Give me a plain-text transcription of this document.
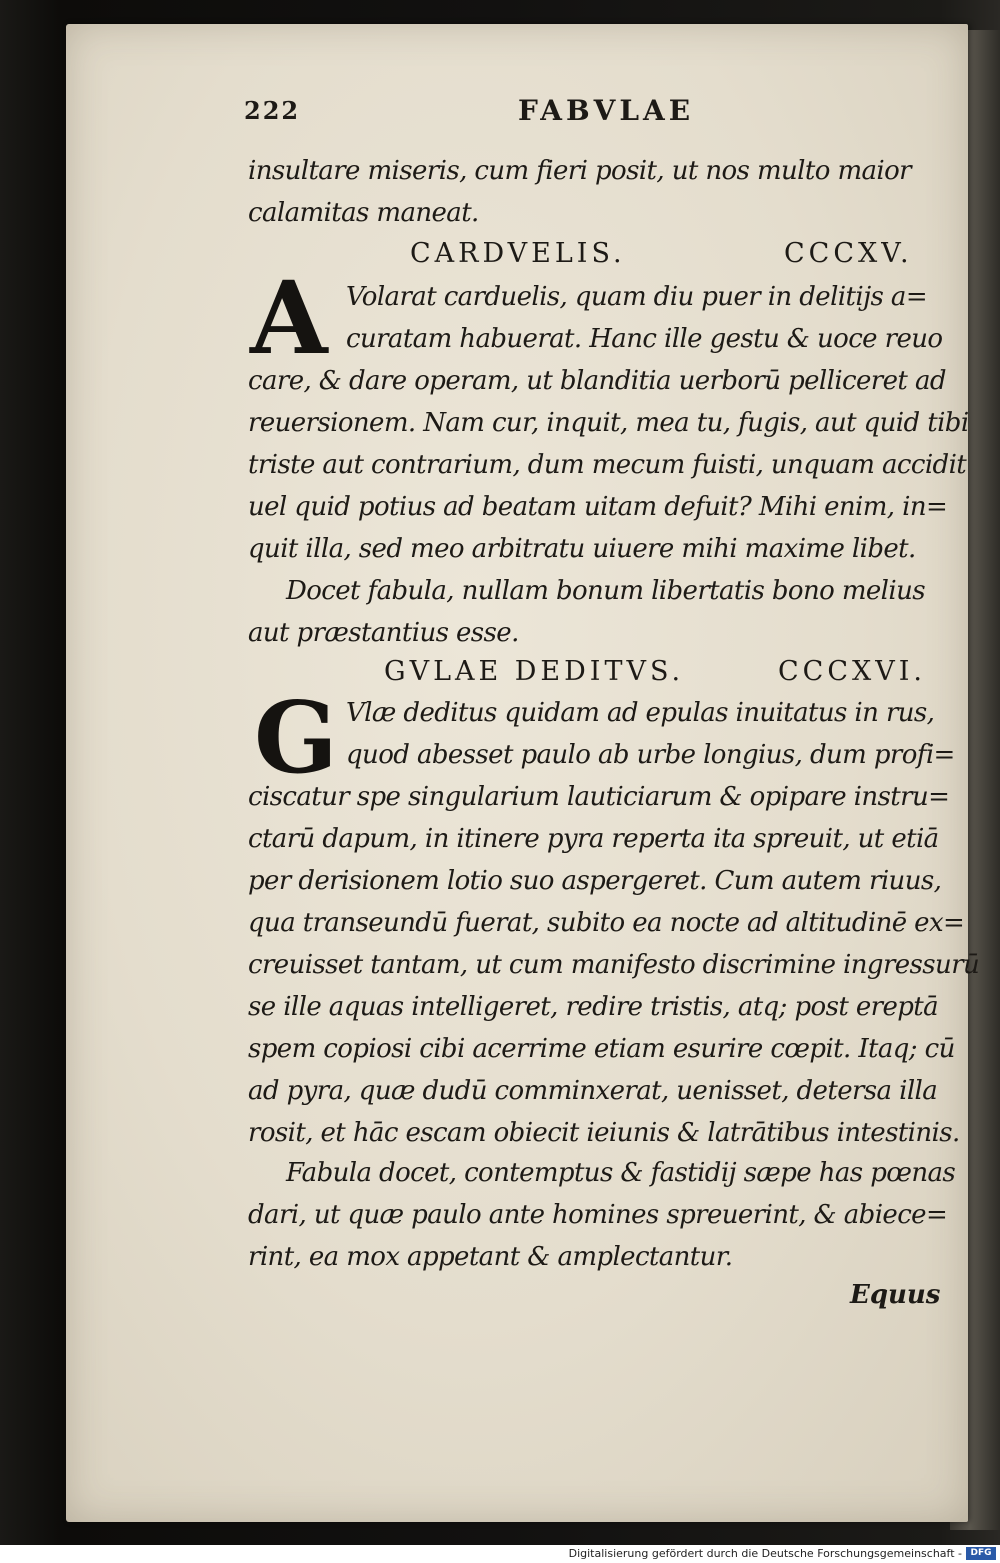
222	FABVLAE
insultare miseris, cum fieri posit, ut nos multo maior
calamitas maneat.
CARDVELIS.	CCCXV.
A Volarat carduelis, quam diu puer in delitijs a=
curatam habuerat. Hanc ille gestu & uoce reuo
care, & dare operam, ut blanditia uerborū pelliceret ad
reuersionem. Nam cur, inquit, mea tu, fugis, aut quid tibi
triste aut contrarium, dum mecum fuisti, unquam accidit
uel quid potius ad beatam uitam defuit? Mihi enim, in=
quit illa, sed meo arbitratu uiuere mihi maxime libet.
Docet fabula, nullam bonum libertatis bono melius
aut præstantius esse.
GVLAE DEDITVS.	CCCXVI.
G Vlæ deditus quidam ad epulas inuitatus in rus,
quod abesset paulo ab urbe longius, dum profi=
ciscatur spe singularium lauticiarum & opipare instru=
ctarū dapum, in itinere pyra reperta ita spreuit, ut etiā
per derisionem lotio suo aspergeret. Cum autem riuus,
qua transeundū fuerat, subito ea nocte ad altitudinē ex=
creuisset tantam, ut cum manifesto discrimine ingressurū
se ille aquas intelligeret, redire tristis, atq; post ereptā
spem copiosi cibi acerrime etiam esurire cœpit. Itaq; cū
ad pyra, quæ dudū comminxerat, uenisset, detersa illa
rosit, et hāc escam obiecit ieiunis & latrātibus intestinis.
Fabula docet, contemptus & fastidij sæpe has pœnas
dari, ut quæ paulo ante homines spreuerint, & abiece=
rint, ea mox appetant & amplectantur.
Equus
Digitalisierung gefördert durch die Deutsche Forschungsgemeinschaft - DFG
